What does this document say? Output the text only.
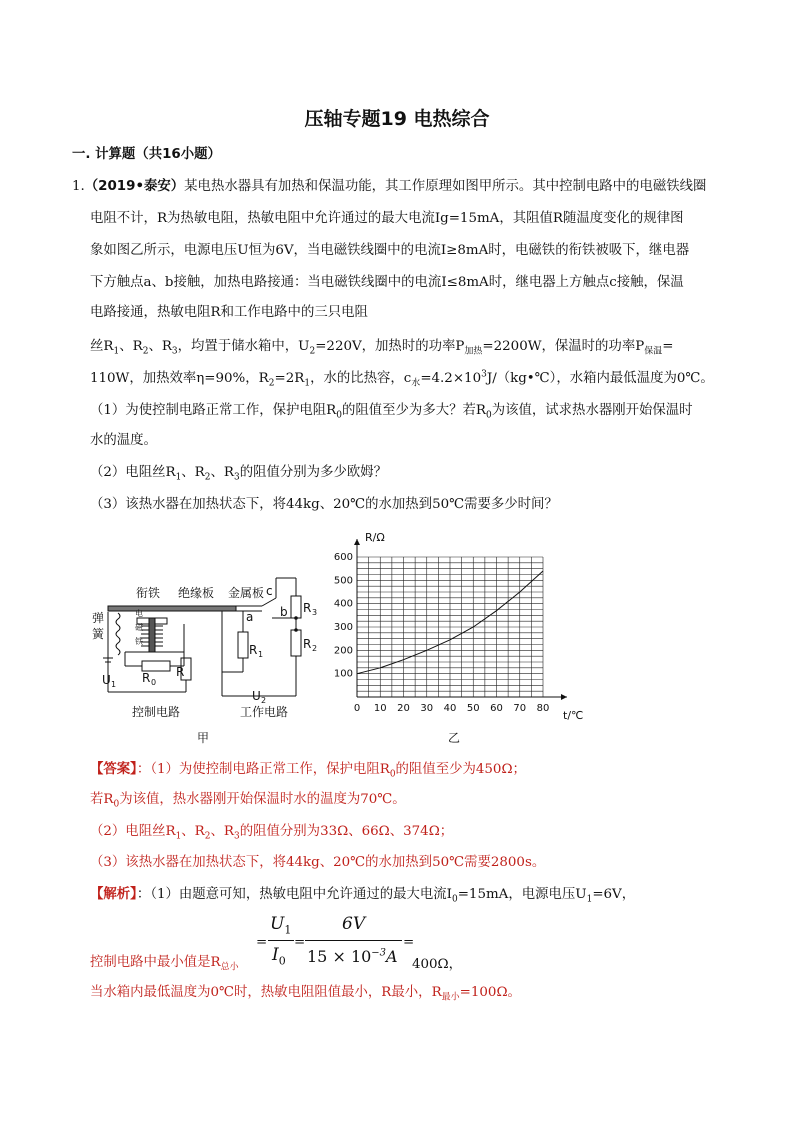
压轴专题19 电热综合
一. 计算题（共16小题）
1.（2019•泰安）某电热水器具有加热和保温功能，其工作原理如图甲所示。其中控制电路中的电磁铁线圈
电阻不计，R为热敏电阻，热敏电阻中允许通过的最大电流Ig=15mA，其阻值R随温度变化的规律图
象如图乙所示，电源电压U恒为6V，当电磁铁线圈中的电流I≥8mA时，电磁铁的衔铁被吸下，继电器
下方触点a、b接触，加热电路接通：当电磁铁线圈中的电流I≤8mA时，继电器上方触点c接触，保温
电路接通，热敏电阻R和工作电路中的三只电阻
丝$R_1$、$R_2$、$R_3$，均置于储水箱中，$U_2=220V$，加热时的功率$P_{加热}=2200W$，保温时的功率$P_{保温}=$
110W，加热效率η=90%，$R_2=2R_1$，水的比热容，$c_水=4.2\times 10^3J/(kg•℃)$，水箱内最低温度为0℃。
（1）为使控制电路正常工作，保护电阻$R_0$的阻值至少为多大？若$R_0$为该值，试求热水器刚开始保温时
水的温度。
（2）电阻丝$R_1$、$R_2$、$R_3$的阻值分别为多少欧姆？
（3）该热水器在加热状态下，将44kg、20℃的水加热到50℃需要多少时间？
衔铁 绝缘板 金属板
弹
簧
电
磁
铁
c
a b
R 0
R
U 1
R 1
R 2
R 3
U 2
控制电路	工作电路
甲	乙
0 10 20 30 40 50 60 70 80
100
200
300
400
500
600
R/Ω
t/℃
【答案】：（1）为使控制电路正常工作，保护电阻$R_0$的阻值至少为450Ω；
若$R_0$为该值，热水器刚开始保温时水的温度为70℃。
（2）电阻丝$R_1$、$R_2$、$R_3$的阻值分别为33Ω、66Ω、374Ω；
（3）该热水器在加热状态下，将44kg、20℃的水加热到50℃需要2800s。
【解析】：（1）由题意可知，热敏电阻中允许通过的最大电流$I_0=15mA$，电源电压$U_1=6V$，
控制电路中最小值是$R_{总小}$
=
$U_1$
$I_0$
=
6V
$15 \times 10^{-3}A$
=
400Ω，
当水箱内最低温度为0℃时，热敏电阻阻值最小，R最小，$R_{最小}=100\Omega$。
